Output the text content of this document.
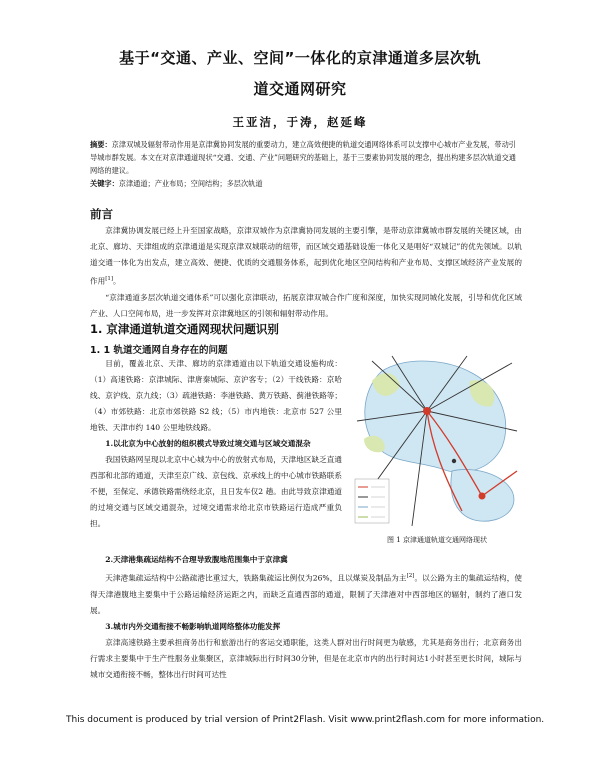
基于“交通、产业、空间”一体化的京津通道多层次轨
道交通网研究
王亚洁，于涛，赵延峰
摘要：京津双城及辐射带动作用是京津冀协同发展的重要动力，建立高效便捷的轨道交通网络体系可以支撑中心城市产业发展，带动引导城市群发展。本文在对京津通道现状“交通、交通、产业”问题研究的基础上，基于三要素协同发展的理念，提出构建多层次轨道交通网络的建议。
关键字：京津通道；产业布局；空间结构；多层次轨道
前言

京津冀协调发展已经上升至国家战略，京津双城作为京津冀协同发展的主要引擎，是带动京津冀城市群发展的关键区域，由北京、廊坊、天津组成的京津通道是实现京津双城联动的纽带，而区域交通基础设施一体化又是唱好“双城记”的优先领域。以轨道交通一体化为出发点，建立高效、便捷、优质的交通服务体系，起到优化地区空间结构和产业布局、支撑区域经济产业发展的作用[1]。

“京津通道多层次轨道交通体系”可以强化京津联动，拓展京津双城合作广度和深度，加快实现同城化发展，引导和优化区域产业、人口空间布局，进一步发挥对京津冀地区的引领和辐射带动作用。

1. 京津通道轨道交通网现状问题识别
1. 1 轨道交通网自身存在的问题

目前，覆盖北京、天津、廊坊的京津通道由以下轨道交通设施构成：（1）高速铁路：京津城际、津唐秦城际、京沪客专；（2）干线铁路：京哈线、京沪线、京九线；（3）疏港铁路：李港铁路、黄万铁路、蓟港铁路等；（4）市郊铁路：北京市郊铁路 S2 线；（5）市内地铁：北京市 527 公里地铁、天津市约 140 公里地铁线路。

1.以北京为中心放射的组织模式导致过境交通与区域交通混杂

我国铁路网呈现以北京中心城为中心的放射式布局，天津地区缺乏直通西部和北部的通道，天津至京广线、京包线、京承线上的中心城市铁路联系不便，至保定、承德铁路需绕经北京，且日发车仅2 趟。由此导致京津通道的过境交通与区域交通混杂，过境交通需求给北京市铁路运行造成严重负担。

图 1 京津通道轨道交通网络现状

2.天津港集疏运结构不合理导致腹地范围集中于京津冀

天津港集疏运结构中公路疏港比重过大，铁路集疏运比例仅为26%，且以煤炭及制品为主[2]。以公路为主的集疏运结构，使得天津港腹地主要集中于公路运输经济运距之内，而缺乏直通西部的通道，限制了天津港对中西部地区的辐射，制约了港口发展。

3.城市内外交通衔接不畅影响轨道网络整体功能发挥

京津高速铁路主要承担商务出行和旅游出行的客运交通职能，这类人群对出行时间更为敏感，尤其是商务出行；北京商务出行需求主要集中于生产性服务业集聚区，京津城际出行时间30分钟，但是在北京市内的出行时间达1小时甚至更长时间，城际与城市交通衔接不畅，整体出行时间可达性

This document is produced by trial version of Print2Flash. Visit www.print2flash.com for more information.
